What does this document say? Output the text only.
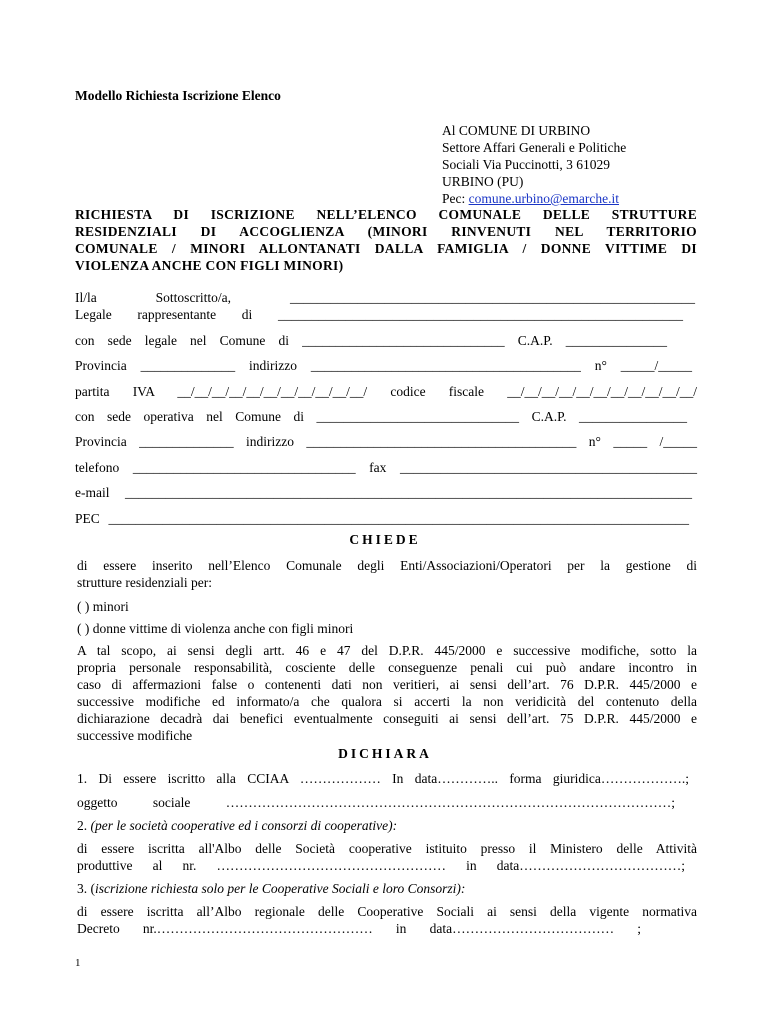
Modello Richiesta Iscrizione Elenco
Al COMUNE DI URBINO
Settore Affari Generali e Politiche
Sociali Via Puccinotti, 3 61029
URBINO (PU)
Pec: comune.urbino@emarche.it
RICHIESTA DI ISCRIZIONE NELL’ELENCO COMUNALE DELLE STRUTTURE
RESIDENZIALI DI ACCOGLIENZA (MINORI RINVENUTI NEL TERRITORIO
COMUNALE / MINORI ALLONTANATI DALLA FAMIGLIA / DONNE VITTIME DI
VIOLENZA ANCHE CON FIGLI MINORI)
Il/la Sottoscritto/a, ____________________________________________________________
Legale rappresentante di ____________________________________________________________
con sede legale nel Comune di ______________________________ C.A.P. _______________
Provincia ______________ indirizzo ________________________________________ n° _____/_____
partita IVA __/__/__/__/__/__/__/__/__/__/__/ codice fiscale __/__/__/__/__/__/__/__/__/__/__/
con sede operativa nel Comune di ______________________________ C.A.P. ________________
Provincia ______________ indirizzo ________________________________________ n° _____ /_____
telefono _________________________________ fax ____________________________________________
e-mail ____________________________________________________________________________________
PEC ______________________________________________________________________________________
CHIEDE
di essere inserito nell’Elenco Comunale degli Enti/Associazioni/Operatori per la gestione di
strutture residenziali per:
( ) minori
( ) donne vittime di violenza anche con figli minori
A tal scopo, ai sensi degli artt. 46 e 47 del D.P.R. 445/2000 e successive modifiche, sotto la
propria personale responsabilità, cosciente delle conseguenze penali cui può andare incontro in
caso di affermazioni false o contenenti dati non veritieri, ai sensi dell’art. 76 D.P.R. 445/2000 e
successive modifiche ed informato/a che qualora si accerti la non veridicità del contenuto della
dichiarazione decadrà dai benefici eventualmente conseguiti ai sensi dell’art. 75 D.P.R. 445/2000 e
successive modifiche
DICHIARA
1. Di essere iscritto alla CCIAA ……………… In data………….. forma giuridica……………….;
oggetto sociale ………………………………………………………………………………………;
2. (per le società cooperative ed i consorzi di cooperative):
di essere iscritta all'Albo delle Società cooperative istituito presso il Ministero delle Attività
produttive al nr. …………………………………………… in data………………………………;
3. (iscrizione richiesta solo per le Cooperative Sociali e loro Consorzi):
di essere iscritta all’Albo regionale delle Cooperative Sociali ai sensi della vigente normativa
Decreto nr.………………………………………… in data……………………………… ;
1
